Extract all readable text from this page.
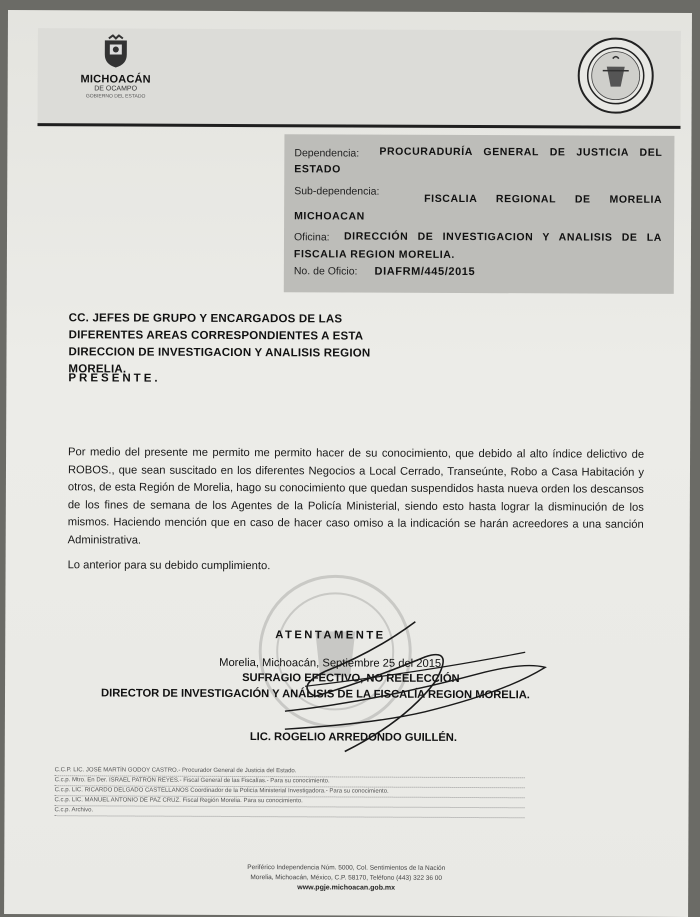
MICHOACÁN
DE OCAMPO
GOBIERNO DEL ESTADO
Dependencia:	PROCURADURÍA GENERAL DE JUSTICIA DEL ESTADO
Sub-dependencia:
FISCALIA REGIONAL DE MORELIA MICHOACAN
Oficina:	DIRECCIÓN DE INVESTIGACION Y ANALISIS DE LA FISCALIA REGION MORELIA.
No. de Oficio: DIAFRM/445/2015
CC. JEFES DE GRUPO Y ENCARGADOS DE LAS
DIFERENTES AREAS CORRESPONDIENTES A ESTA
DIRECCION DE INVESTIGACION Y ANALISIS REGION
MORELIA.
PRESENTE.
Por medio del presente me permito me permito hacer de su conocimiento, que debido al alto índice delictivo de ROBOS., que sean suscitado en los diferentes Negocios a Local Cerrado, Transeúnte, Robo a Casa Habitación y otros, de esta Región de Morelia, hago su conocimiento que quedan suspendidos hasta nueva orden los descansos de los fines de semana de los Agentes de la Policía Ministerial, siendo esto hasta lograr la disminución de los mismos. Haciendo mención que en caso de hacer caso omiso a la indicación se harán acreedores a una sanción Administrativa.
Lo anterior para su debido cumplimiento.
ATENTAMENTE
Morelia, Michoacán, Septiembre 25 del 2015.
SUFRAGIO EFECTIVO, NO REELECCIÓN
DIRECTOR DE INVESTIGACIÓN Y ANÁLISIS DE LA FISCALÍA REGION MORELIA.
LIC. ROGELIO ARREDONDO GUILLÉN.
C.C.P. LIC. JOSÉ MARTÍN GODOY CASTRO.- Procurador General de Justicia del Estado.
C.c.p. Mtro. En Der. ISRAEL PATRÓN REYES.- Fiscal General de las Fiscalías.- Para su conocimiento.
C.c.p. LIC. RICARDO DELGADO CASTELLANOS Coordinador de la Policía Ministerial Investigadora.- Para su conocimiento.
C.c.p. LIC. MANUEL ANTONIO DE PAZ CRUZ. Fiscal Región Morelia. Para su conocimiento.
C.c.p. Archivo.
Periférico Independencia Núm. 5000, Col. Sentimientos de la Nación
Morelia, Michoacán, México, C.P. 58170, Teléfono (443) 322 36 00
www.pgje.michoacan.gob.mx
